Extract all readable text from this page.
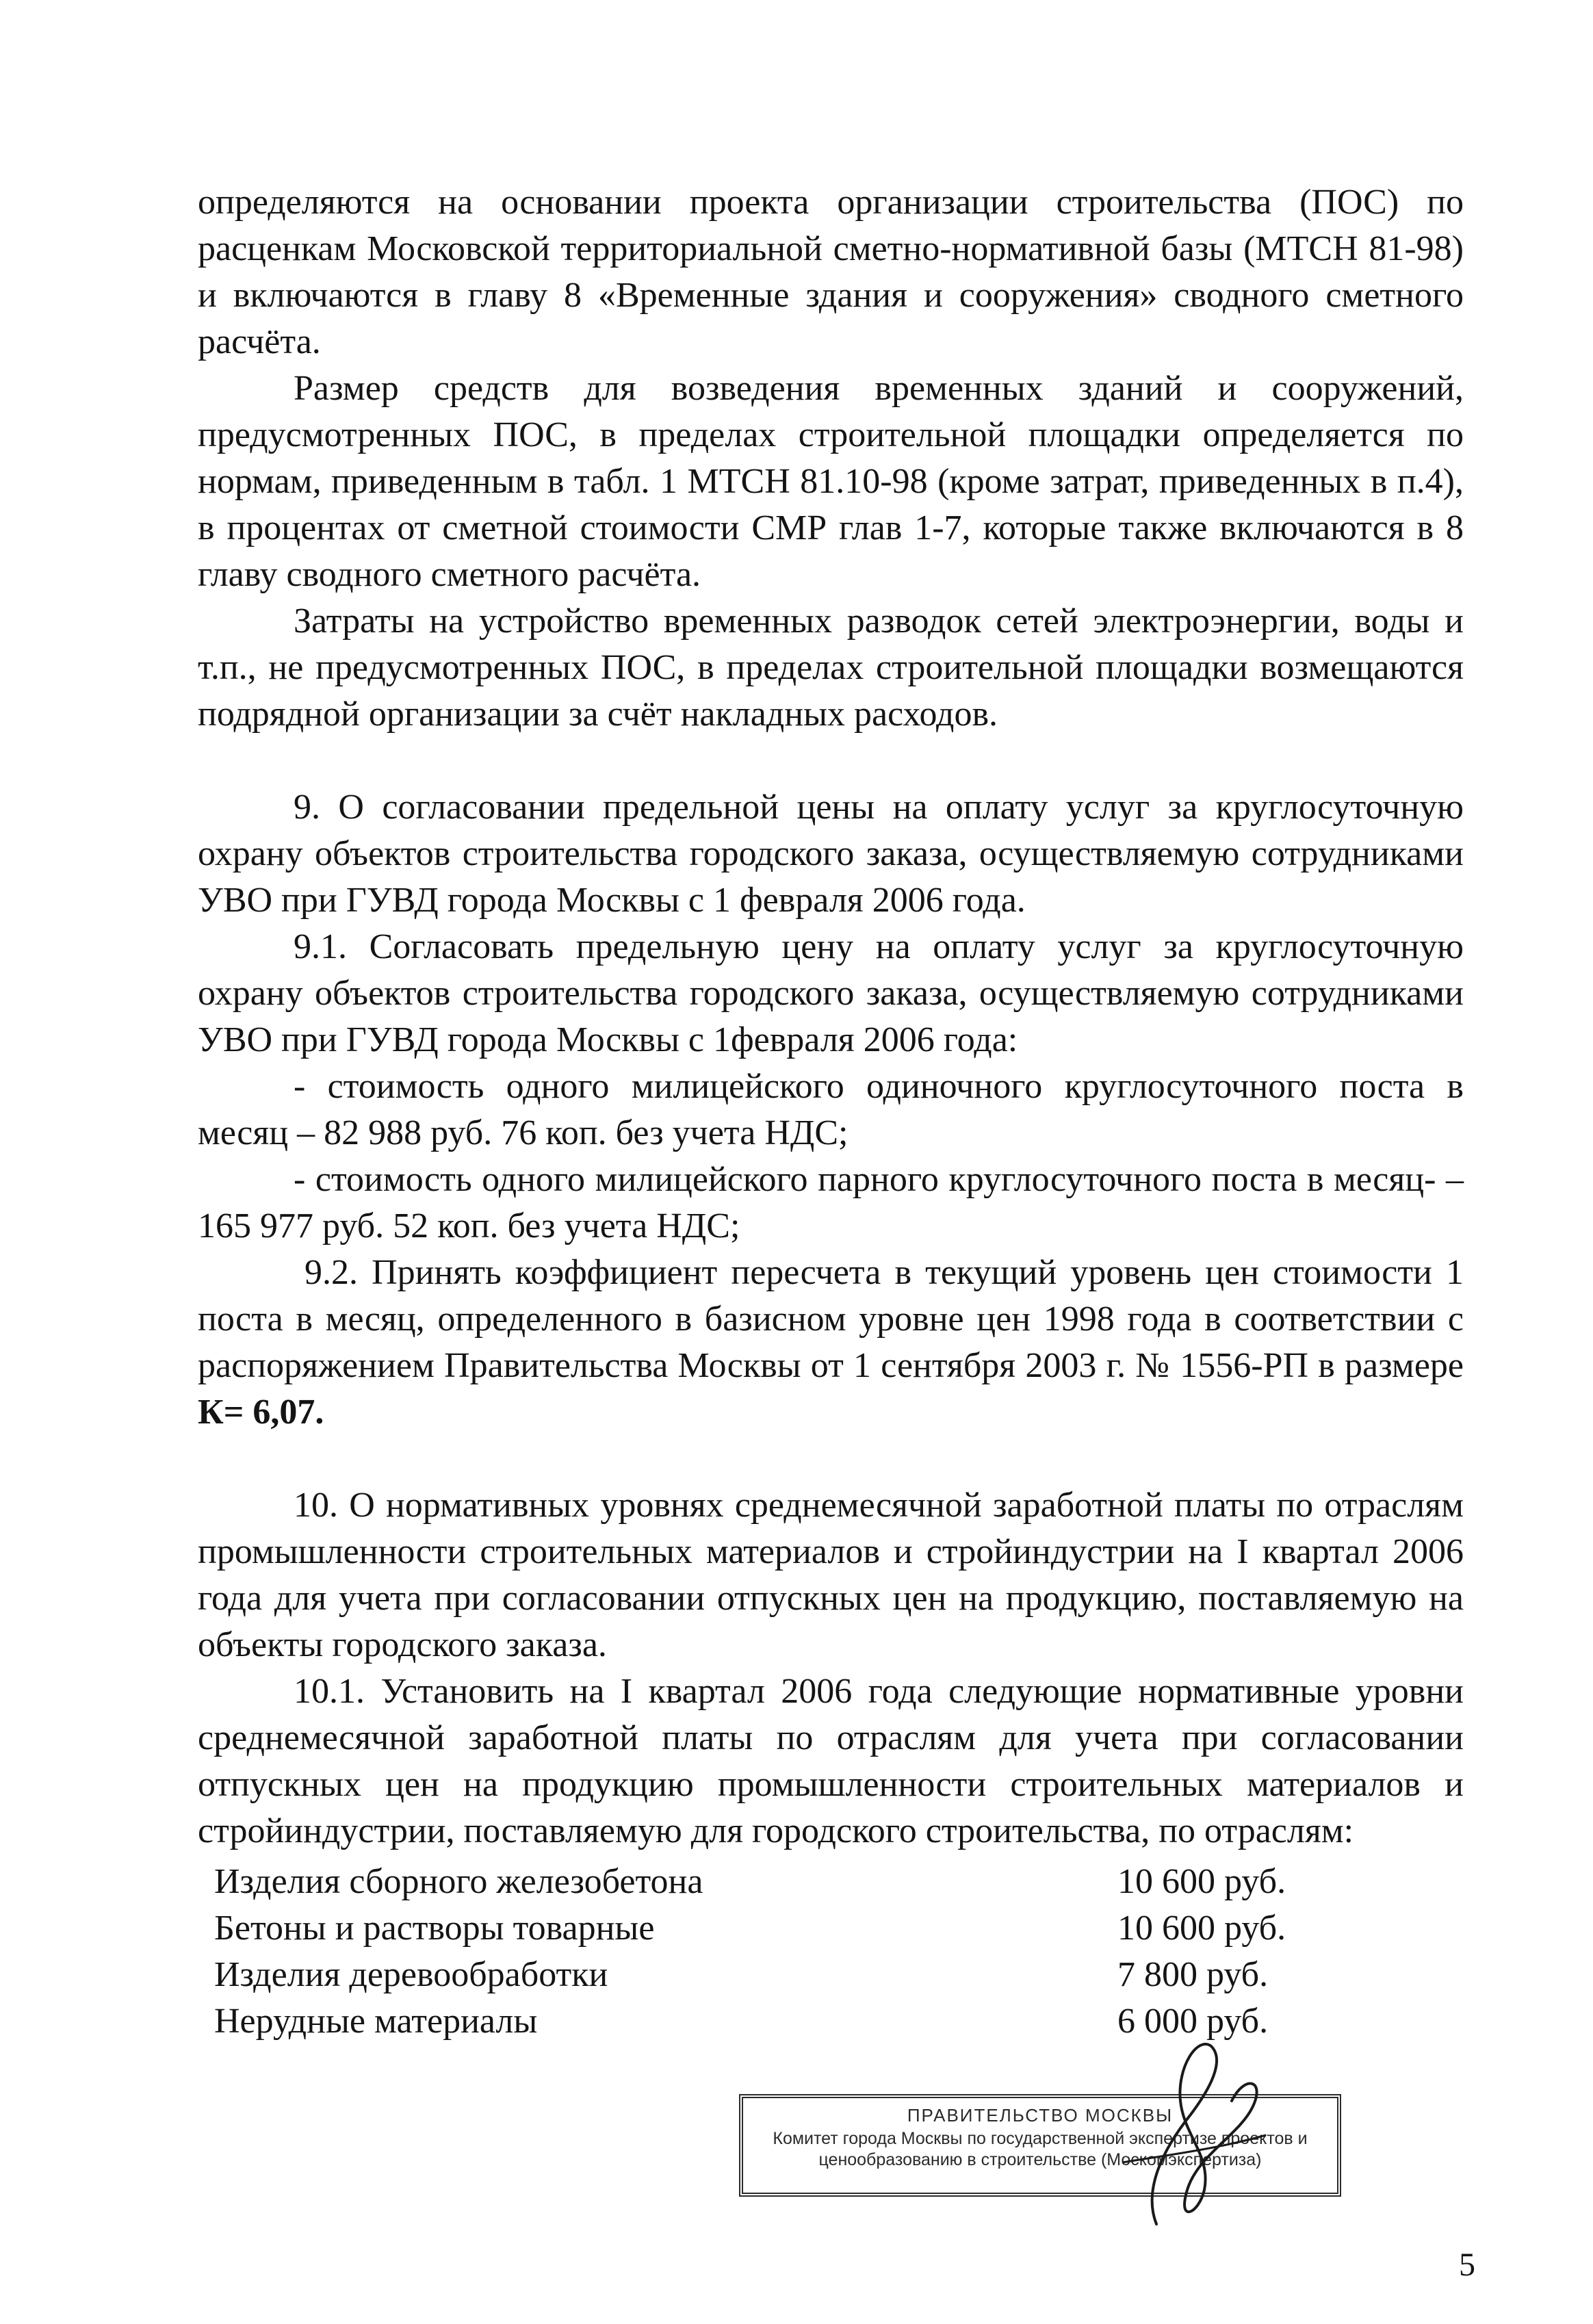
определяются на основании проекта организации строительства (ПОС) по расценкам Московской территориальной сметно-нормативной базы (МТСН 81-98) и включаются в главу 8 «Временные здания и сооружения» сводного сметного расчёта.

Размер средств для возведения временных зданий и сооружений, предусмотренных ПОС, в пределах строительной площадки определяется по нормам, приведенным в табл. 1 МТСН 81.10-98 (кроме затрат, приведенных в п.4), в процентах от сметной стоимости СМР глав 1-7, которые также включаются в 8 главу сводного сметного расчёта.

Затраты на устройство временных разводок сетей электроэнергии, воды и т.п., не предусмотренных ПОС, в пределах строительной площадки возмещаются подрядной организации за счёт накладных расходов.

9. О согласовании предельной цены на оплату услуг за круглосуточную охрану объектов строительства городского заказа, осуществляемую сотрудниками УВО при ГУВД города Москвы с 1 февраля 2006 года.

9.1. Согласовать предельную цену на оплату услуг за круглосуточную охрану объектов строительства городского заказа, осуществляемую сотрудниками УВО при ГУВД города Москвы с 1февраля 2006 года:

- стоимость одного милицейского одиночного круглосуточного поста в месяц – 82 988 руб. 76 коп. без учета НДС;

- стоимость одного милицейского парного круглосуточного поста в месяц- – 165 977 руб. 52 коп. без учета НДС;

9.2. Принять коэффициент пересчета в текущий уровень цен стоимости 1 поста в месяц, определенного в базисном уровне цен 1998 года в соответствии с распоряжением Правительства Москвы от 1 сентября 2003 г. № 1556-РП в размере К= 6,07.

10. О нормативных уровнях среднемесячной заработной платы по отраслям промышленности строительных материалов и стройиндустрии на I квартал 2006 года для учета при согласовании отпускных цен на продукцию, поставляемую на объекты городского заказа.

10.1. Установить на I квартал 2006 года следующие нормативные уровни среднемесячной заработной платы по отраслям для учета при согласовании отпускных цен на продукцию промышленности строительных материалов и стройиндустрии, поставляемую для городского строительства, по отраслям:

Изделия сборного железобетона	10 600 руб.
Бетоны и растворы товарные	10 600 руб.
Изделия деревообработки	7 800 руб.
Нерудные материалы	6 000 руб.
ПРАВИТЕЛЬСТВО МОСКВЫ
Комитет города Москвы по государственной экспертизе проектов и
ценообразованию в строительстве (Москомэкспертиза)
5
